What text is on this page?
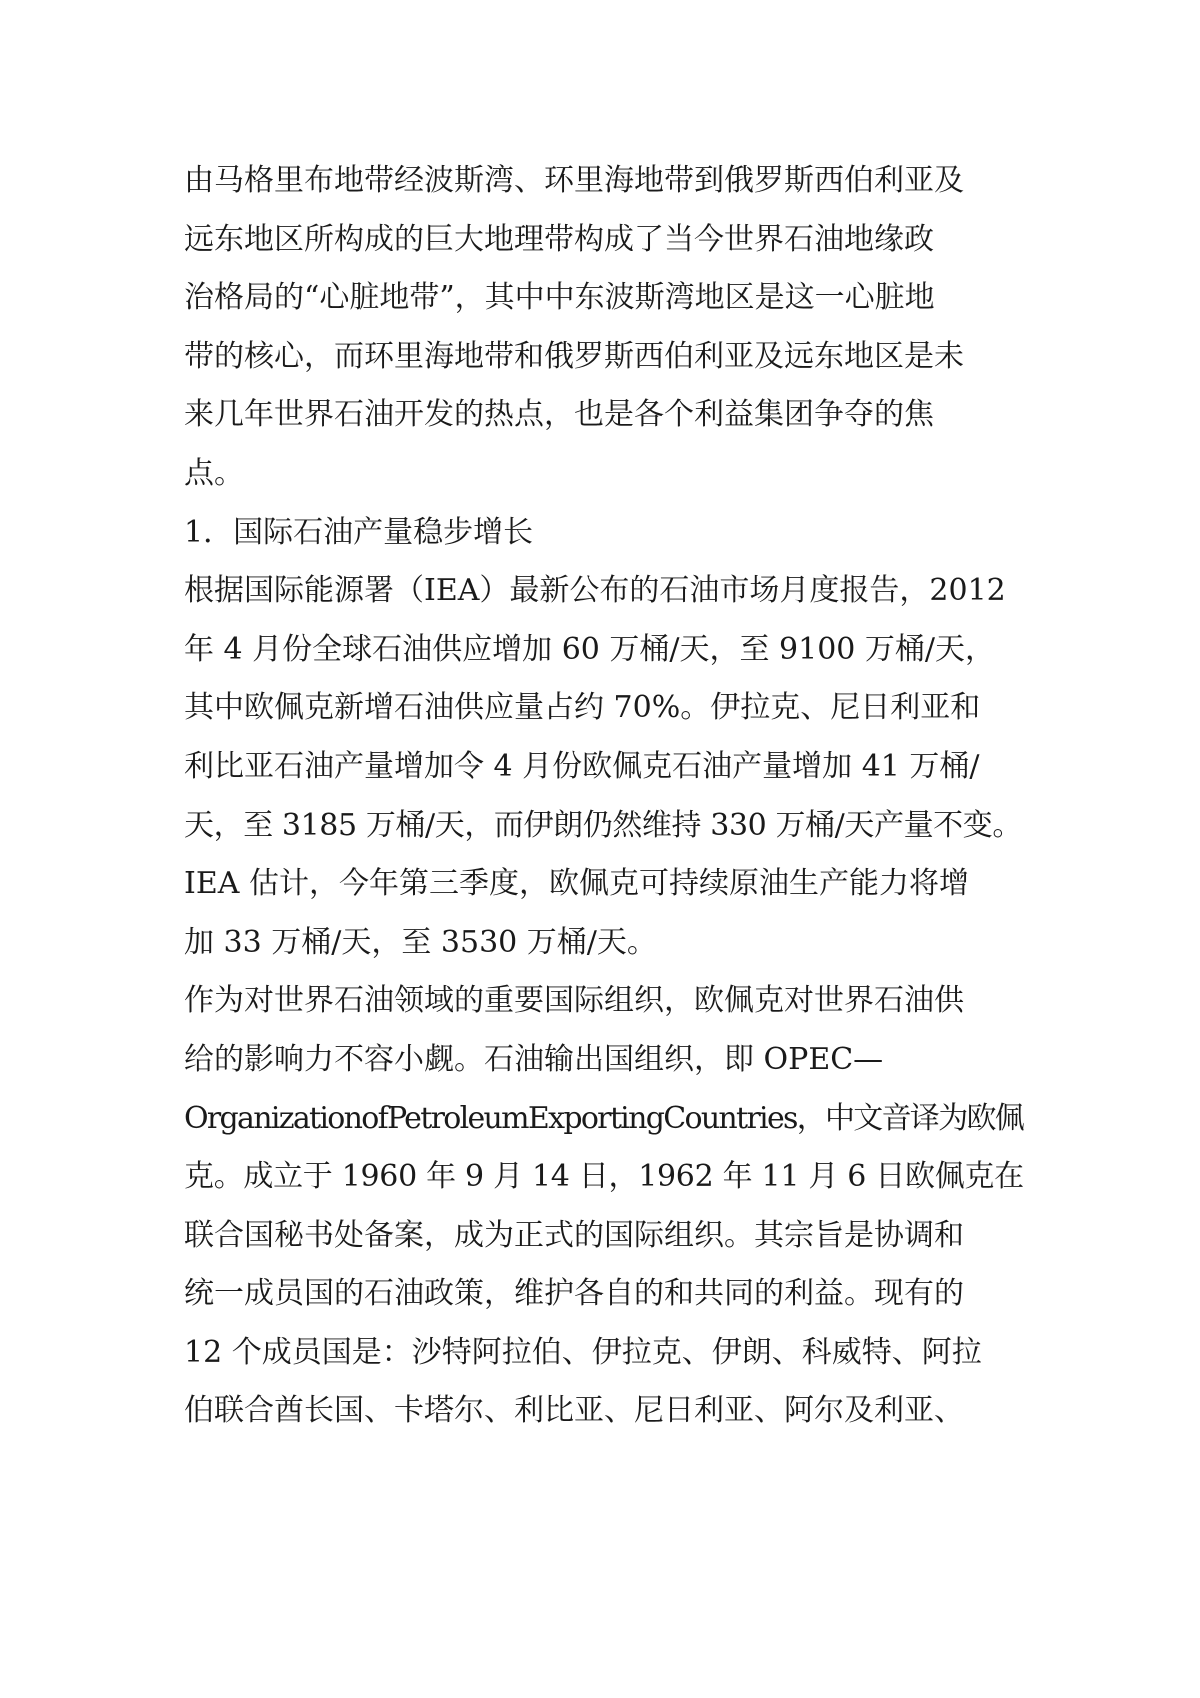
由马格里布地带经波斯湾、环里海地带到俄罗斯西伯利亚及
远东地区所构成的巨大地理带构成了当今世界石油地缘政
治格局的“心脏地带”，其中中东波斯湾地区是这一心脏地
带的核心，而环里海地带和俄罗斯西伯利亚及远东地区是未
来几年世界石油开发的热点，也是各个利益集团争夺的焦
点。
1．国际石油产量稳步增长
根据国际能源署（IEA）最新公布的石油市场月度报告，2012
年 4 月份全球石油供应增加 60 万桶/天，至 9100 万桶/天，
其中欧佩克新增石油供应量占约 70%。伊拉克、尼日利亚和
利比亚石油产量增加令 4 月份欧佩克石油产量增加 41 万桶/
天，至 3185 万桶/天，而伊朗仍然维持 330 万桶/天产量不变。
IEA 估计，今年第三季度，欧佩克可持续原油生产能力将增
加 33 万桶/天，至 3530 万桶/天。
作为对世界石油领域的重要国际组织，欧佩克对世界石油供
给的影响力不容小觑。石油输出国组织，即 OPEC—
OrganizationofPetroleumExportingCountries，中文音译为欧佩
克。成立于 1960 年 9 月 14 日，1962 年 11 月 6 日欧佩克在
联合国秘书处备案，成为正式的国际组织。其宗旨是协调和
统一成员国的石油政策，维护各自的和共同的利益。现有的
12 个成员国是：沙特阿拉伯、伊拉克、伊朗、科威特、阿拉
伯联合酋长国、卡塔尔、利比亚、尼日利亚、阿尔及利亚、
